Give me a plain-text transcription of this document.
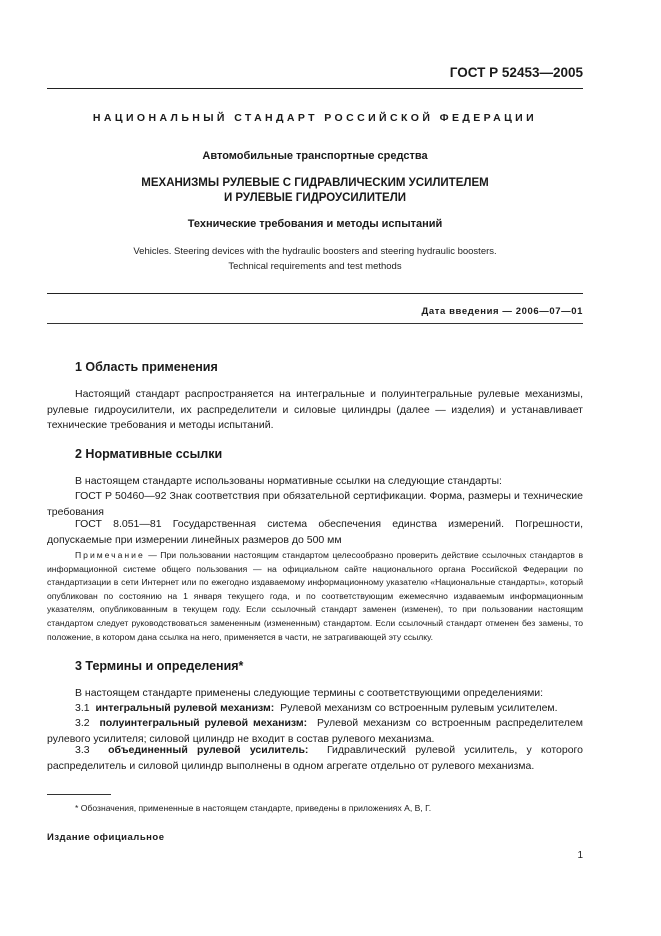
ГОСТ Р 52453—2005
НАЦИОНАЛЬНЫЙ СТАНДАРТ РОССИЙСКОЙ ФЕДЕРАЦИИ
Автомобильные транспортные средства
МЕХАНИЗМЫ РУЛЕВЫЕ С ГИДРАВЛИЧЕСКИМ УСИЛИТЕЛЕМ
И РУЛЕВЫЕ ГИДРОУСИЛИТЕЛИ
Технические требования и методы испытаний
Vehicles. Steering devices with the hydraulic boosters and steering hydraulic boosters.
Technical requirements and test methods
Дата введения — 2006—07—01
1 Область применения
Настоящий стандарт распространяется на интегральные и полуинтегральные рулевые механизмы, рулевые гидроусилители, их распределители и силовые цилиндры (далее — изделия) и устанавливает технические требования и методы испытаний.
2 Нормативные ссылки
В настоящем стандарте использованы нормативные ссылки на следующие стандарты:
ГОСТ Р 50460—92 Знак соответствия при обязательной сертификации. Форма, размеры и технические требования
ГОСТ 8.051—81 Государственная система обеспечения единства измерений. Погрешности, допускаемые при измерении линейных размеров до 500 мм
Примечание — При пользовании настоящим стандартом целесообразно проверить действие ссылочных стандартов в информационной системе общего пользования — на официальном сайте национального органа Российской Федерации по стандартизации в сети Интернет или по ежегодно издаваемому информационному указателю «Национальные стандарты», который опубликован по состоянию на 1 января текущего года, и по соответствующим ежемесячно издаваемым информационным указателям, опубликованным в текущем году. Если ссылочный стандарт заменен (изменен), то при пользовании настоящим стандартом следует руководствоваться замененным (измененным) стандартом. Если ссылочный стандарт отменен без замены, то положение, в котором дана ссылка на него, применяется в части, не затрагивающей эту ссылку.
3 Термины и определения*
В настоящем стандарте применены следующие термины с соответствующими определениями:
3.1 интегральный рулевой механизм: Рулевой механизм со встроенным рулевым усилителем.
3.2 полуинтегральный рулевой механизм: Рулевой механизм со встроенным распределителем рулевого усилителя; силовой цилиндр не входит в состав рулевого механизма.
3.3 объединенный рулевой усилитель: Гидравлический рулевой усилитель, у которого распределитель и силовой цилиндр выполнены в одном агрегате отдельно от рулевого механизма.
* Обозначения, примененные в настоящем стандарте, приведены в приложениях А, В, Г.
Издание официальное
1
